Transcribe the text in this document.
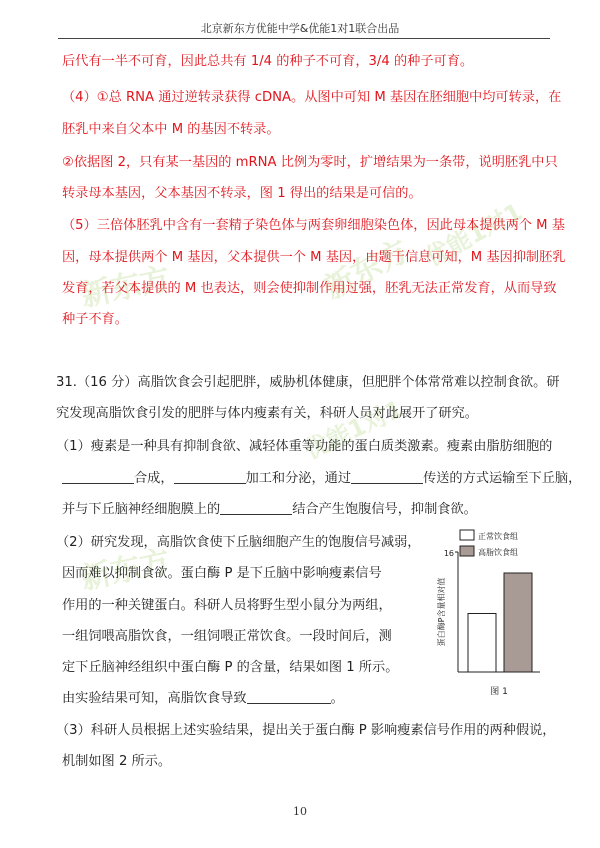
北京新东方优能中学&优能1对1联合出品
新东方	新东方 优能1对1
新东方
优能1对1
后代有一半不可育，因此总共有 1/4 的种子不可育，3/4 的种子可育。
（4）①总 RNA 通过逆转录获得 cDNA。从图中可知 M 基因在胚细胞中均可转录，在
胚乳中来自父本中 M 的基因不转录。
②依据图 2，只有某一基因的 mRNA 比例为零时，扩增结果为一条带，说明胚乳中只
转录母本基因，父本基因不转录，图 1 得出的结果是可信的。
（5）三倍体胚乳中含有一套精子染色体与两套卵细胞染色体，因此母本提供两个 M 基
因，母本提供两个 M 基因，父本提供一个 M 基因，由题干信息可知，M 基因抑制胚乳
发育，若父本提供的 M 也表达，则会使抑制作用过强，胚乳无法正常发育，从而导致
种子不育。
31.（16 分）高脂饮食会引起肥胖，威胁机体健康，但肥胖个体常常难以控制食欲。研
究发现高脂饮食引发的肥胖与体内瘦素有关，科研人员对此展开了研究。
（1）瘦素是一种具有抑制食欲、减轻体重等功能的蛋白质类激素。瘦素由脂肪细胞的
合成，	加工和分泌，通过	传送的方式运输至下丘脑，
并与下丘脑神经细胞膜上的	结合产生饱腹信号，抑制食欲。
（2）研究发现，高脂饮食使下丘脑细胞产生的饱腹信号减弱，
因而难以抑制食欲。蛋白酶 P 是下丘脑中影响瘦素信号
作用的一种关键蛋白。科研人员将野生型小鼠分为两组，
一组饲喂高脂饮食，一组饲喂正常饮食。一段时间后，测
定下丘脑神经组织中蛋白酶 P 的含量，结果如图 1 所示。
由实验结果可知，高脂饮食导致	。
（3）科研人员根据上述实验结果，提出关于蛋白酶 P 影响瘦素信号作用的两种假说，
机制如图 2 所示。
16
蛋白酶P含量相对值
正常饮食组
高脂饮食组
图 1
10
